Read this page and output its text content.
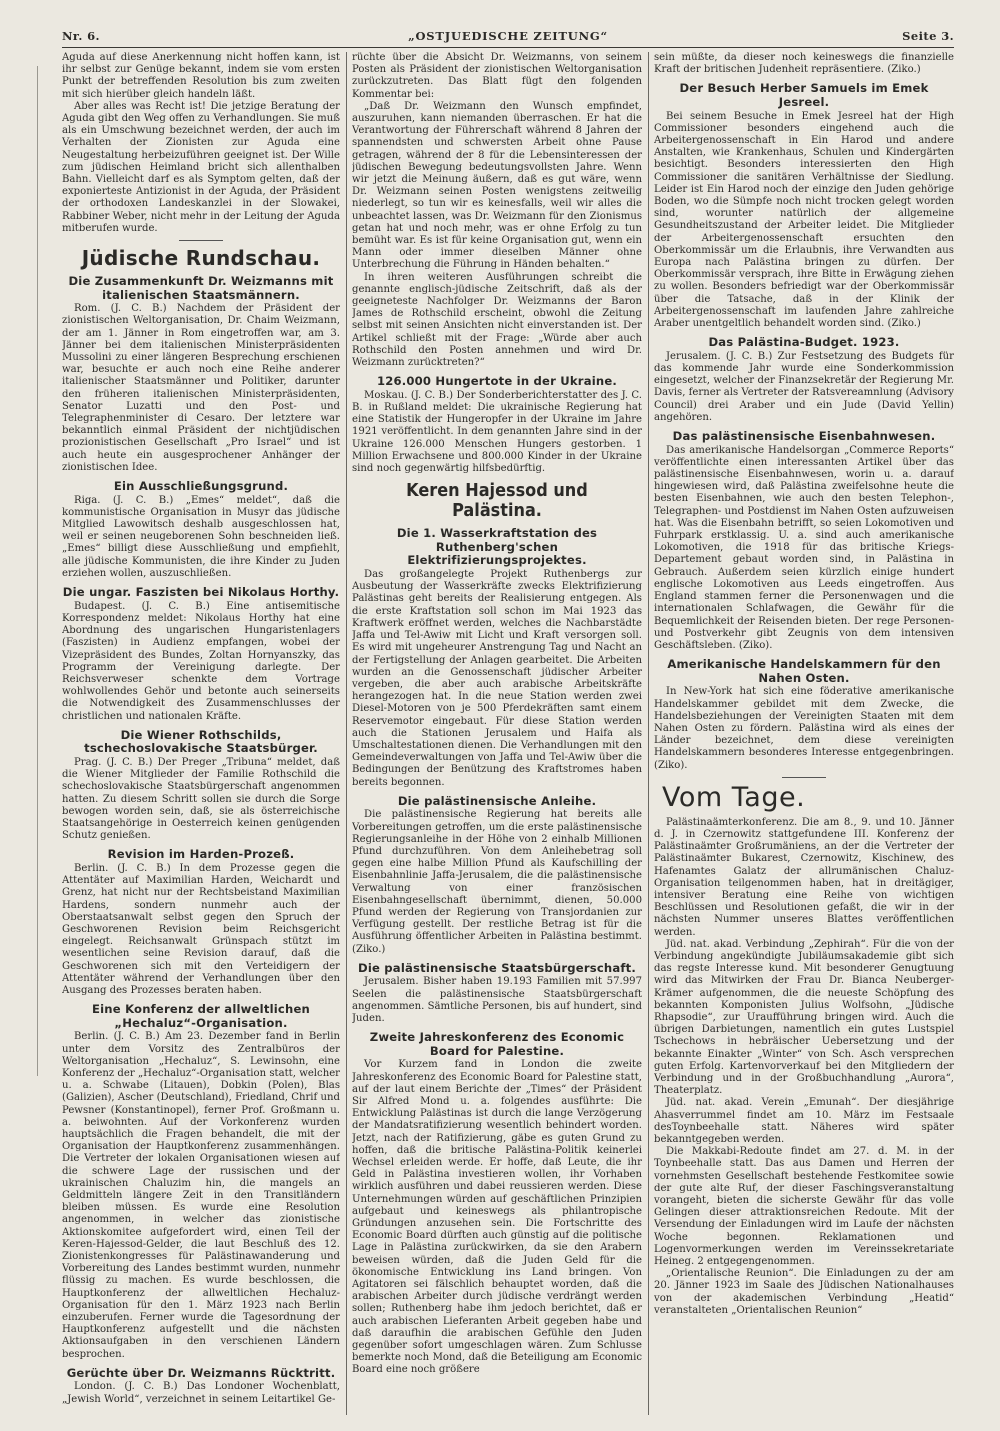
Nr. 6.	„OSTJUEDISCHE ZEITUNG“	Seite 3.

Aguda auf diese Anerkennung nicht hoffen kann, ist ihr selbst zur Genüge bekannt, indem sie vom ersten Punkt der betreffenden Resolution bis zum zweiten mit sich hierüber gleich handeln läßt.

Aber alles was Recht ist! Die jetzige Beratung der Aguda gibt den Weg offen zu Verhandlungen. Sie muß als ein Umschwung bezeichnet werden, der auch im Verhalten der Zionisten zur Aguda eine Neugestaltung herbeizuführen geeignet ist. Der Wille zum jüdischen Heimland bricht sich allenthalben Bahn. Vielleicht darf es als Symptom gelten, daß der exponierteste Antizionist in der Aguda, der Präsident der orthodoxen Landeskanzlei in der Slowakei, Rabbiner Weber, nicht mehr in der Leitung der Aguda mitberufen wurde.

Jüdische Rundschau.
Die Zusammenkunft Dr. Weizmanns mit italienischen Staatsmännern.

Rom. (J. C. B.) Nachdem der Präsident der zionistischen Weltorganisation, Dr. Chaim Weizmann, der am 1. Jänner in Rom eingetroffen war, am 3. Jänner bei dem italienischen Ministerpräsidenten Mussolini zu einer längeren Besprechung erschienen war, besuchte er auch noch eine Reihe anderer italienischer Staatsmänner und Politiker, darunter den früheren italienischen Ministerpräsidenten, Senator Luzatti und den Post- und Telegraphenminister di Cesaro. Der letztere war bekanntlich einmal Präsident der nichtjüdischen prozionistischen Gesellschaft „Pro Israel“ und ist auch heute ein ausgesprochener Anhänger der zionistischen Idee.

Ein Ausschließungsgrund.

Riga. (J. C. B.) „Emes“ meldet“, daß die kommunistische Organisation in Musyr das jüdische Mitglied Lawowitsch deshalb ausgeschlossen hat, weil er seinen neugeborenen Sohn beschneiden ließ. „Emes“ billigt diese Ausschließung und empfiehlt, alle jüdische Kommunisten, die ihre Kinder zu Juden erziehen wollen, auszuschließen.

Die ungar. Faszisten bei Nikolaus Horthy.

Budapest. (J. C. B.) Eine antisemitische Korrespondenz meldet: Nikolaus Horthy hat eine Abordnung des ungarischen Hungaristenlagers (Faszisten) in Audienz empfangen, wobei der Vizepräsident des Bundes, Zoltan Hornyanszky, das Programm der Vereinigung darlegte. Der Reichsverweser schenkte dem Vortrage wohlwollendes Gehör und betonte auch seinerseits die Notwendigkeit des Zusammenschlusses der christlichen und nationalen Kräfte.

Die Wiener Rothschilds, tschechoslovakische Staatsbürger.

Prag. (J. C. B.) Der Preger „Tribuna“ meldet, daß die Wiener Mitglieder der Familie Rothschild die schechoslovakische Staatsbürgerschaft angenommen hatten. Zu diesem Schritt sollen sie durch die Sorge bewogen worden sein, daß, sie als österreichische Staatsangehörige in Oesterreich keinen genügenden Schutz genießen.

Revision im Harden-Prozeß.

Berlin. (J. C. B.) In dem Prozesse gegen die Attentäter auf Maximilian Harden, Weichardt und Grenz, hat nicht nur der Rechtsbeistand Maximilian Hardens, sondern nunmehr auch der Oberstaatsanwalt selbst gegen den Spruch der Geschworenen Revision beim Reichsgericht eingelegt. Reichsanwalt Grünspach stützt im wesentlichen seine Revision darauf, daß die Geschworenen sich mit den Verteidigern der Attentäter während der Verhandlungen über den Ausgang des Prozesses beraten haben.

Eine Konferenz der allweltlichen „Hechaluz“-Organisation.

Berlin. (J. C. B.) Am 23. Dezember fand in Berlin unter dem Vorsitz des Zentralbüros der Weltorganisation „Hechaluz“, S. Lewinsohn, eine Konferenz der „Hechaluz“-Organisation statt, welcher u. a. Schwabe (Litauen), Dobkin (Polen), Blas (Galizien), Ascher (Deutschland), Friedland, Chrif und Pewsner (Konstantinopel), ferner Prof. Großmann u. a. beiwohnten. Auf der Vorkonferenz wurden hauptsächlich die Fragen behandelt, die mit der Organisation der Hauptkonferenz zusammenhängen. Die Vertreter der lokalen Organisationen wiesen auf die schwere Lage der russischen und der ukrainischen Chaluzim hin, die mangels an Geldmitteln längere Zeit in den Transitländern bleiben müssen. Es wurde eine Resolution angenommen, in welcher das zionistische Aktionskomitee aufgefordert wird, einen Teil der Keren-Hajessod-Gelder, die laut Beschluß des 12. Zionistenkongresses für Palästinawanderung und Vorbereitung des Landes bestimmt wurden, nunmehr flüssig zu machen. Es wurde beschlossen, die Hauptkonferenz der allweltlichen Hechaluz-Organisation für den 1. März 1923 nach Berlin einzuberufen. Ferner wurde die Tagesordnung der Hauptkonferenz aufgestellt und die nächsten Aktionsaufgaben in den verschienen Ländern besprochen.

Gerüchte über Dr. Weizmanns Rücktritt.

London. (J. C. B.) Das Londoner Wochenblatt, „Jewish World“, verzeichnet in seinem Leitartikel Ge-

rüchte über die Absicht Dr. Weizmanns, von seinem Posten als Präsident der zionistischen Weltorganisation zurückzutreten. Das Blatt fügt den folgenden Kommentar bei:

„Daß Dr. Weizmann den Wunsch empfindet, auszuruhen, kann niemanden überraschen. Er hat die Verantwortung der Führerschaft während 8 Jahren der spannendsten und schwersten Arbeit ohne Pause getragen, während der 8 für die Lebensinteressen der jüdischen Bewegung bedeutungsvollsten Jahre. Wenn wir jetzt die Meinung äußern, daß es gut wäre, wenn Dr. Weizmann seinen Posten wenigstens zeitweilig niederlegt, so tun wir es keinesfalls, weil wir alles die unbeachtet lassen, was Dr. Weizmann für den Zionismus getan hat und noch mehr, was er ohne Erfolg zu tun bemüht war. Es ist für keine Organisation gut, wenn ein Mann oder immer dieselben Männer ohne Unterbrechung die Führung in Händen behalten.“

In ihren weiteren Ausführungen schreibt die genannte englisch-jüdische Zeitschrift, daß als der geeigneteste Nachfolger Dr. Weizmanns der Baron James de Rothschild erscheint, obwohl die Zeitung selbst mit seinen Ansichten nicht einverstanden ist. Der Artikel schließt mit der Frage: „Würde aber auch Rothschild den Posten annehmen und wird Dr. Weizmann zurücktreten?“

126.000 Hungertote in der Ukraine.

Moskau. (J. C. B.) Der Sonderberichterstatter des J. C. B. in Rußland meldet: Die ukrainische Regierung hat eine Statistik der Hungeropfer in der Ukraine im Jahre 1921 veröffentlicht. In dem genannten Jahre sind in der Ukraine 126.000 Menschen Hungers gestorben. 1 Million Erwachsene und 800.000 Kinder in der Ukraine sind noch gegenwärtig hilfsbedürftig.

Keren Hajessod und Palästina.
Die 1. Wasserkraftstation des Ruthenberg'schen Elektrifizierungsprojektes.

Das großangelegte Projekt Ruthenbergs zur Ausbeutung der Wasserkräfte zwecks Elektrifizierung Palästinas geht bereits der Realisierung entgegen. Als die erste Kraftstation soll schon im Mai 1923 das Kraftwerk eröffnet werden, welches die Nachbarstädte Jaffa und Tel-Awiw mit Licht und Kraft versorgen soll. Es wird mit ungeheurer Anstrengung Tag und Nacht an der Fertigstellung der Anlagen gearbeitet. Die Arbeiten wurden an die Genossenschaft jüdischer Arbeiter vergeben, die aber auch arabische Arbeitskräfte herangezogen hat. In die neue Station werden zwei Diesel-Motoren von je 500 Pferdekräften samt einem Reservemotor eingebaut. Für diese Station werden auch die Stationen Jerusalem und Haifa als Umschaltestationen dienen. Die Verhandlungen mit den Gemeindeverwaltungen von Jaffa und Tel-Awiw über die Bedingungen der Benützung des Kraftstromes haben bereits begonnen.

Die palästinensische Anleihe.

Die palästinensische Regierung hat bereits alle Vorbereitungen getroffen, um die erste palästinensische Regierungsanleihe in der Höhe von 2 einhalb Millionen Pfund durchzuführen. Von dem Anleihebetrag soll gegen eine halbe Million Pfund als Kaufschilling der Eisenbahnlinie Jaffa-Jerusalem, die die palästinensische Verwaltung von einer französischen Eisenbahngesellschaft übernimmt, dienen, 50.000 Pfund werden der Regierung von Transjordanien zur Verfügung gestellt. Der restliche Betrag ist für die Ausführung öffentlicher Arbeiten in Palästina bestimmt. (Ziko.)

Die palästinensische Staatsbürgerschaft.

Jerusalem. Bisher haben 19.193 Familien mit 57.997 Seelen die palästinensische Staatsbürgerschaft angenommen. Sämtliche Personen, bis auf hundert, sind Juden.

Zweite Jahreskonferenz des Economic Board for Palestine.

Vor Kurzem fand in London die zweite Jahreskonferenz des Economic Board for Palestine statt, auf der laut einem Berichte der „Times“ der Präsident Sir Alfred Mond u. a. folgendes ausführte: Die Entwicklung Palästinas ist durch die lange Verzögerung der Mandatsratifizierung wesentlich behindert worden. Jetzt, nach der Ratifizierung, gäbe es guten Grund zu hoffen, daß die britische Palästina-Politik keinerlei Wechsel erleiden werde. Er hoffe, daß Leute, die ihr Geld in Palästina investieren wollen, ihr Vorhaben wirklich ausführen und dabei reussieren werden. Diese Unternehmungen würden auf geschäftlichen Prinzipien aufgebaut und keineswegs als philantropische Gründungen anzusehen sein. Die Fortschritte des Economic Board dürften auch günstig auf die politische Lage in Palästina zurückwirken, da sie den Arabern beweisen würden, daß die Juden Geld für die ökonomische Entwicklung ins Land bringen. Von Agitatoren sei fälschlich behauptet worden, daß die arabischen Arbeiter durch jüdische verdrängt werden sollen; Ruthenberg habe ihm jedoch berichtet, daß er auch arabischen Lieferanten Arbeit gegeben habe und daß daraufhin die arabischen Gefühle den Juden gegenüber sofort umgeschlagen wären. Zum Schlusse bemerkte noch Mond, daß die Beteiligung am Economic Board eine noch größere

sein müßte, da dieser noch keineswegs die finanzielle Kraft der britischen Judenheit repräsentiere. (Ziko.)

Der Besuch Herber Samuels im Emek Jesreel.

Bei seinem Besuche in Emek Jesreel hat der High Commissioner besonders eingehend auch die Arbeitergenossenschaft in Ein Harod und andere Anstalten, wie Krankenhaus, Schulen und Kindergärten besichtigt. Besonders interessierten den High Commissioner die sanitären Verhältnisse der Siedlung. Leider ist Ein Harod noch der einzige den Juden gehörige Boden, wo die Sümpfe noch nicht trocken gelegt worden sind, worunter natürlich der allgemeine Gesundheitszustand der Arbeiter leidet. Die Mitglieder der Arbeitergenossenschaft ersuchten den Oberkommissär um die Erlaubnis, ihre Verwandten aus Europa nach Palästina bringen zu dürfen. Der Oberkommissär versprach, ihre Bitte in Erwägung ziehen zu wollen. Besonders befriedigt war der Oberkommissär über die Tatsache, daß in der Klinik der Arbeitergenossenschaft im laufenden Jahre zahlreiche Araber unentgeltlich behandelt worden sind. (Ziko.)

Das Palästina-Budget. 1923.

Jerusalem. (J. C. B.) Zur Festsetzung des Budgets für das kommende Jahr wurde eine Sonderkommission eingesetzt, welcher der Finanzsekretär der Regierung Mr. Davis, ferner als Vertreter der Ratsvereamnlung (Advisory Council) drei Araber und ein Jude (David Yellin) angehören.

Das palästinensische Eisenbahnwesen.

Das amerikanische Handelsorgan „Commerce Reports“ veröffentlichte einen interessanten Artikel über das palästinensische Eisenbahnwesen, worin u. a. darauf hingewiesen wird, daß Palästina zweifelsohne heute die besten Eisenbahnen, wie auch den besten Telephon-, Telegraphen- und Postdienst im Nahen Osten aufzuweisen hat. Was die Eisenbahn betrifft, so seien Lokomotiven und Fuhrpark erstklassig. U. a. sind auch amerikanische Lokomotiven, die 1918 für das britische Kriegs-Departement gebaut worden sind, in Palästina in Gebrauch. Außerdem seien kürzlich einige hundert englische Lokomotiven aus Leeds eingetroffen. Aus England stammen ferner die Personenwagen und die internationalen Schlafwagen, die Gewähr für die Bequemlichkeit der Reisenden bieten. Der rege Personen- und Postverkehr gibt Zeugnis von dem intensiven Geschäftsleben. (Ziko).

Amerikanische Handelskammern für den Nahen Osten.

In New-York hat sich eine föderative amerikanische Handelskammer gebildet mit dem Zwecke, die Handelsbeziehungen der Vereinigten Staaten mit dem Nahen Osten zu fördern. Palästina wird als eines der Länder bezeichnet, dem diese vereinigten Handelskammern besonderes Interesse entgegenbringen. (Ziko).

Vom Tage.

Palästinaämterkonferenz. Die am 8., 9. und 10. Jänner d. J. in Czernowitz stattgefundene III. Konferenz der Palästinaämter Großrumäniens, an der die Vertreter der Palästinaämter Bukarest, Czernowitz, Kischinew, des Hafenamtes Galatz der allrumänischen Chaluz-Organisation teilgenommen haben, hat in dreitägiger, intensiver Beratung eine Reihe von wichtigen Beschlüssen und Resolutionen gefaßt, die wir in der nächsten Nummer unseres Blattes veröffentlichen werden.

Jüd. nat. akad. Verbindung „Zephirah“. Für die von der Verbindung angekündigte Jubiläumsakademie gibt sich das regste Interesse kund. Mit besonderer Genugtuung wird das Mitwirken der Frau Dr. Bianca Neuberger-Krämer aufgenommen, die die neueste Schöpfung des bekannten Komponisten Julius Wolfsohn, „Jüdische Rhapsodie“, zur Uraufführung bringen wird. Auch die übrigen Darbietungen, namentlich ein gutes Lustspiel Tschechows in hebräischer Uebersetzung und der bekannte Einakter „Winter“ von Sch. Asch versprechen guten Erfolg. Kartenvorverkauf bei den Mitgliedern der Verbindung und in der Großbuchhandlung „Aurora“, Theaterplatz.

Jüd. nat. akad. Verein „Emunah“. Der diesjährige Ahasverrummel findet am 10. März im Festsaale desToynbeehalle statt. Näheres wird später bekanntgegeben werden.

Die Makkabi-Redoute findet am 27. d. M. in der Toynbeehalle statt. Das aus Damen und Herren der vornehmsten Gesellschaft bestehende Festkomitee sowie der gute alte Ruf, der dieser Faschingsveranstaltung vorangeht, bieten die sicherste Gewähr für das volle Gelingen dieser attraktionsreichen Redoute. Mit der Versendung der Einladungen wird im Laufe der nächsten Woche begonnen. Reklamationen und Logenvormerkungen werden im Vereinssekretariate Heineg. 2 entgegengenommen.

„Orientalische Reunion“. Die Einladungen zu der am 20. Jänner 1923 im Saale des Jüdischen Nationalhauses von der akademischen Verbindung „Heatid“ veranstalteten „Orientalischen Reunion“
